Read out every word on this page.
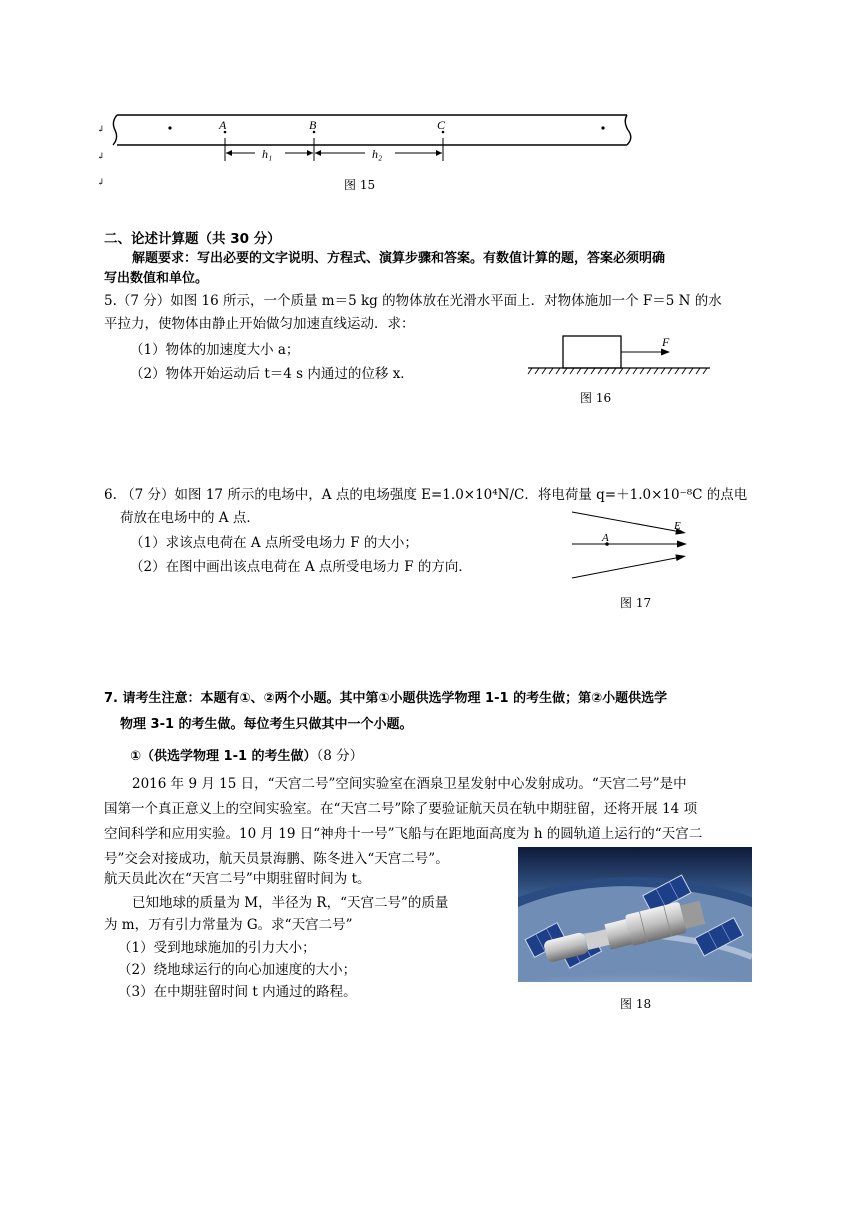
↲
↲
↲
A	B	C
h₁	h₂
图 15
二、论述计算题（共 30 分）
解题要求：写出必要的文字说明、方程式、演算步骤和答案。有数值计算的题，答案必须明确
写出数值和单位。
5.（7 分）如图 16 所示，一个质量 m＝5 kg 的物体放在光滑水平面上．对物体施加一个 F＝5 N 的水
平拉力，使物体由静止开始做匀加速直线运动．求：
（1）物体的加速度大小 a；
（2）物体开始运动后 t＝4 s 内通过的位移 x．
F
图 16
6. （7 分）如图 17 所示的电场中，A 点的电场强度 E=1.0×10⁴N/C．将电荷量 q=＋1.0×10⁻⁸C 的点电
荷放在电场中的 A 点．
（1）求该点电荷在 A 点所受电场力 F 的大小；
（2）在图中画出该点电荷在 A 点所受电场力 F 的方向．
A
E
图 17
7. 请考生注意：本题有①、②两个小题。其中第①小题供选学物理 1-1 的考生做；第②小题供选学
物理 3-1 的考生做。每位考生只做其中一个小题。
①（供选学物理 1-1 的考生做）（8 分）
2016 年 9 月 15 日，“天宫二号”空间实验室在酒泉卫星发射中心发射成功。“天宫二号”是中
国第一个真正意义上的空间实验室。在“天宫二号”除了要验证航天员在轨中期驻留，还将开展 14 项
空间科学和应用实验。10 月 19 日“神舟十一号”飞船与在距地面高度为 h 的圆轨道上运行的“天宫二
号”交会对接成功，航天员景海鹏、陈冬进入“天宫二号”。
航天员此次在“天宫二号”中期驻留时间为 t。
已知地球的质量为 M，半径为 R，“天宫二号”的质量
为 m，万有引力常量为 G。求“天宫二号”
（1）受到地球施加的引力大小；
（2）绕地球运行的向心加速度的大小；
（3）在中期驻留时间 t 内通过的路程。
图 18
